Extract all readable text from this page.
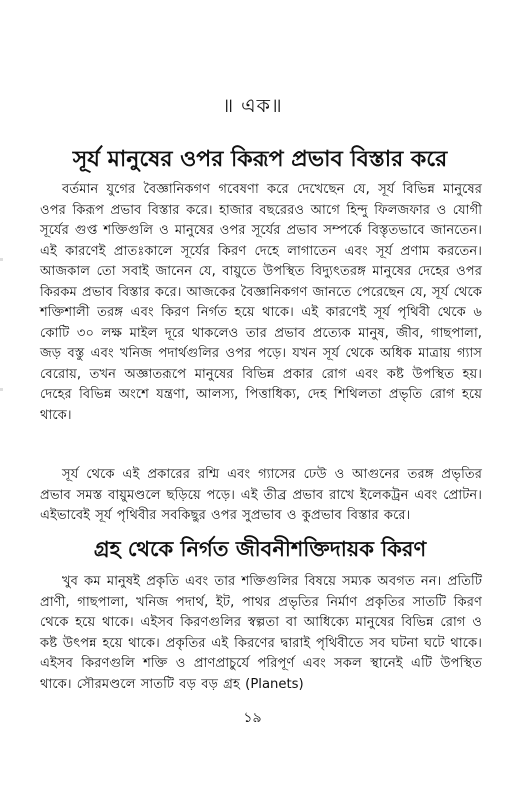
॥ এক॥
সূর্য মানুষের ওপর কিরূপ প্রভাব বিস্তার করে

বর্তমান যুগের বৈজ্ঞানিকগণ গবেষণা করে দেখেছেন যে, সূর্য বিভিন্ন মানুষের ওপর কিরূপ প্রভাব বিস্তার করে। হাজার বছরেরও আগে হিন্দু ফিলজফার ও যোগী সূর্যের গুপ্ত শক্তিগুলি ও মানুষের ওপর সূর্যের প্রভাব সম্পর্কে বিস্তৃতভাবে জানতেন। এই কারণেই প্রাতঃকালে সূর্যের কিরণ দেহে লাগাতেন এবং সূর্য প্রণাম করতেন। আজকাল তো সবাই জানেন যে, বায়ুতে উপস্থিত বিদ্যুৎতরঙ্গ মানুষের দেহের ওপর কিরকম প্রভাব বিস্তার করে। আজকের বৈজ্ঞানিকগণ জানতে পেরেছেন যে, সূর্য থেকে শক্তিশালী তরঙ্গ এবং কিরণ নির্গত হয়ে থাকে। এই কারণেই সূর্য পৃথিবী থেকে ৬ কোটি ৩০ লক্ষ মাইল দূরে থাকলেও তার প্রভাব প্রত্যেক মানুষ, জীব, গাছপালা, জড় বস্তু এবং খনিজ পদার্থগুলির ওপর পড়ে। যখন সূর্য থেকে অধিক মাত্রায় গ্যাস বেরোয়, তখন অজ্ঞাতরূপে মানুষের বিভিন্ন প্রকার রোগ এবং কষ্ট উপস্থিত হয়। দেহের বিভিন্ন অংশে যন্ত্রণা, আলস্য, পিত্তাধিক্য, দেহ শিথিলতা প্রভৃতি রোগ হয়ে থাকে।

সূর্য থেকে এই প্রকারের রশ্মি এবং গ্যাসের ঢেউ ও আগুনের তরঙ্গ প্রভৃতির প্রভাব সমস্ত বায়ুমণ্ডলে ছড়িয়ে পড়ে। এই তীব্র প্রভাব রাখে ইলেকট্রন এবং প্রোটন। এইভাবেই সূর্য পৃথিবীর সবকিছুর ওপর সুপ্রভাব ও কুপ্রভাব বিস্তার করে।

গ্রহ থেকে নির্গত জীবনীশক্তিদায়ক কিরণ

খুব কম মানুষই প্রকৃতি এবং তার শক্তিগুলির বিষয়ে সম্যক অবগত নন। প্রতিটি প্রাণী, গাছপালা, খনিজ পদার্থ, ইট, পাথর প্রভৃতির নির্মাণ প্রকৃতির সাতটি কিরণ থেকে হয়ে থাকে। এইসব কিরণগুলির স্বল্পতা বা আধিক্যে মানুষের বিভিন্ন রোগ ও কষ্ট উৎপন্ন হয়ে থাকে। প্রকৃতির এই কিরণের দ্বারাই পৃথিবীতে সব ঘটনা ঘটে থাকে। এইসব কিরণগুলি শক্তি ও প্রাণপ্রাচুর্যে পরিপূর্ণ এবং সকল স্থানেই এটি উপস্থিত থাকে। সৌরমণ্ডলে সাতটি বড় বড় গ্রহ (Planets)

১৯
